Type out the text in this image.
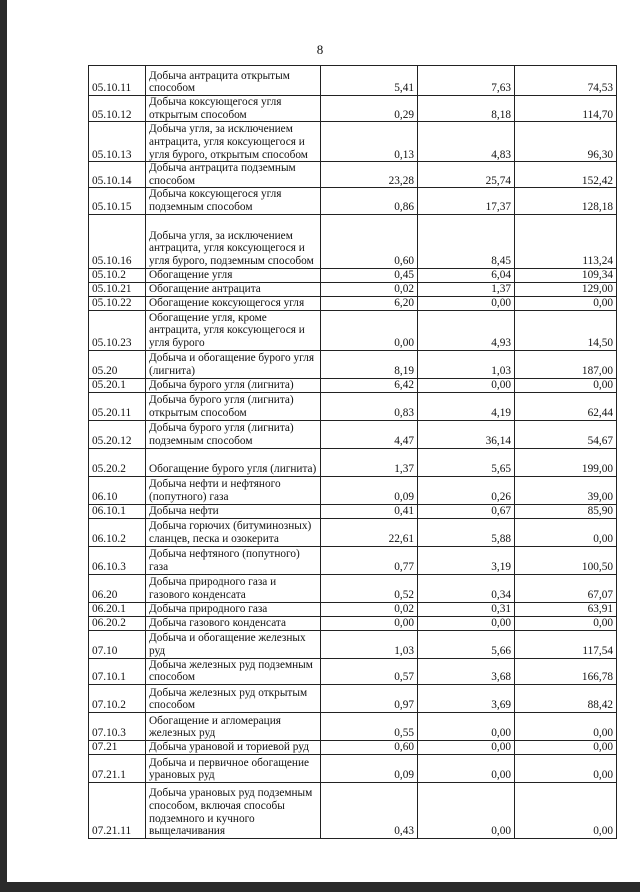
8
05.10.11	Добыча антрацита открытым способом	5,41	7,63	74,53
05.10.12	Добыча коксующегося угля открытым способом	0,29	8,18	114,70
05.10.13	Добыча угля, за исключением антрацита, угля коксующегося и угля бурого, открытым способом	0,13	4,83	96,30
05.10.14	Добыча антрацита подземным способом	23,28	25,74	152,42
05.10.15	Добыча коксующегося угля подземным способом	0,86	17,37	128,18
05.10.16	Добыча угля, за исключением антрацита, угля коксующегося и угля бурого, подземным способом	0,60	8,45	113,24
05.10.2	Обогащение угля	0,45	6,04	109,34
05.10.21	Обогащение антрацита	0,02	1,37	129,00
05.10.22	Обогащение коксующегося угля	6,20	0,00	0,00
05.10.23	Обогащение угля, кроме антрацита, угля коксующегося и угля бурого	0,00	4,93	14,50
05.20	Добыча и обогащение бурого угля (лигнита)	8,19	1,03	187,00
05.20.1	Добыча бурого угля (лигнита)	6,42	0,00	0,00
05.20.11	Добыча бурого угля (лигнита) открытым способом	0,83	4,19	62,44
05.20.12	Добыча бурого угля (лигнита) подземным способом	4,47	36,14	54,67
05.20.2	Обогащение бурого угля (лигнита)	1,37	5,65	199,00
06.10	Добыча нефти и нефтяного (попутного) газа	0,09	0,26	39,00
06.10.1	Добыча нефти	0,41	0,67	85,90
06.10.2	Добыча горючих (битуминозных) сланцев, песка и озокерита	22,61	5,88	0,00
06.10.3	Добыча нефтяного (попутного) газа	0,77	3,19	100,50
06.20	Добыча природного газа и газового конденсата	0,52	0,34	67,07
06.20.1	Добыча природного газа	0,02	0,31	63,91
06.20.2	Добыча газового конденсата	0,00	0,00	0,00
07.10	Добыча и обогащение железных руд	1,03	5,66	117,54
07.10.1	Добыча железных руд подземным способом	0,57	3,68	166,78
07.10.2	Добыча железных руд открытым способом	0,97	3,69	88,42
07.10.3	Обогащение и агломерация железных руд	0,55	0,00	0,00
07.21	Добыча урановой и ториевой руд	0,60	0,00	0,00
07.21.1	Добыча и первичное обогащение урановых руд	0,09	0,00	0,00
07.21.11	Добыча урановых руд подземным способом, включая способы подземного и кучного выщелачивания	0,43	0,00	0,00
